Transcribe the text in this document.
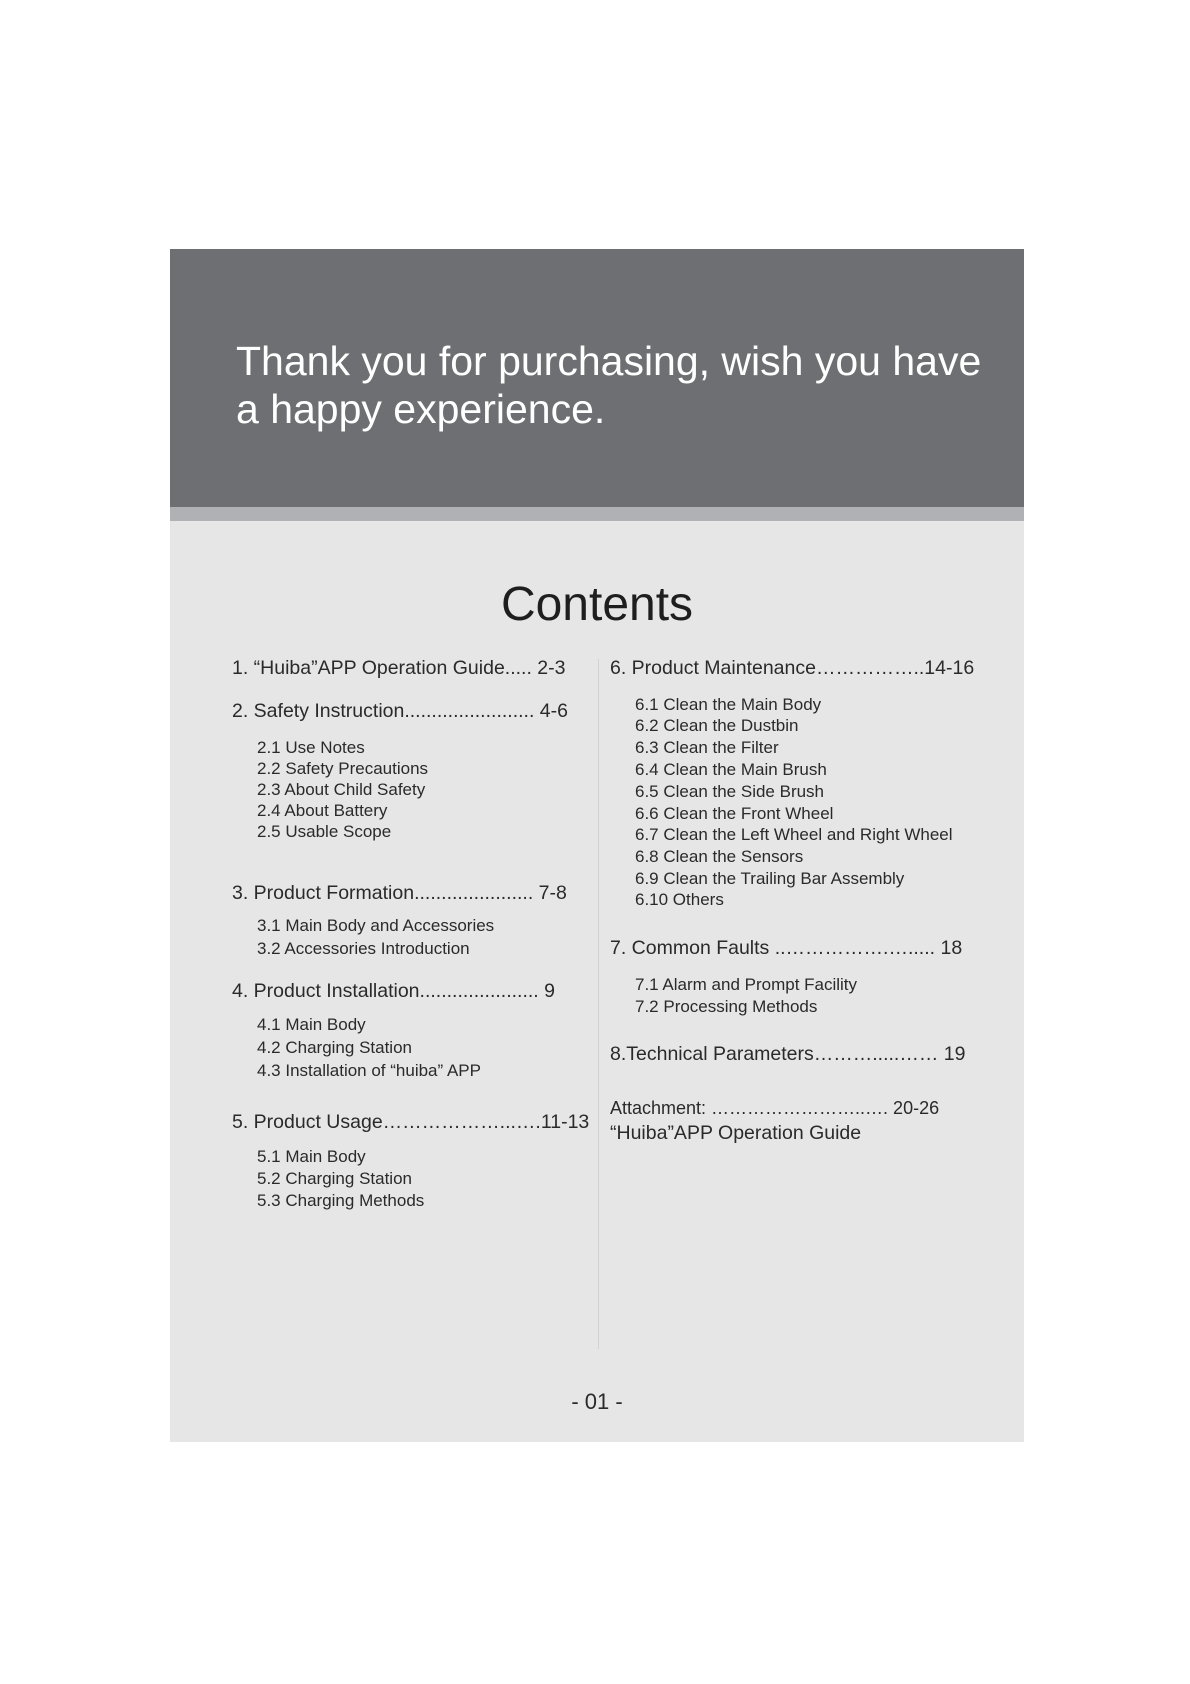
Thank you for purchasing, wish you have
a happy experience.
Contents
1. “Huiba”APP Operation Guide..... 2-3
2. Safety Instruction........................ 4-6
2.1 Use Notes
2.2 Safety Precautions
2.3 About Child Safety
2.4 About Battery
2.5 Usable Scope
3. Product Formation...................... 7-8
3.1 Main Body and Accessories
3.2 Accessories Introduction
4. Product Installation...................... 9
4.1 Main Body
4.2 Charging Station
4.3 Installation of “huiba” APP
5. Product Usage………………...….11-13
5.1 Main Body
5.2 Charging Station
5.3 Charging Methods
6. Product Maintenance……………..14-16
6.1 Clean the Main Body
6.2 Clean the Dustbin
6.3 Clean the Filter
6.4 Clean the Main Brush
6.5 Clean the Side Brush
6.6 Clean the Front Wheel
6.7 Clean the Left Wheel and Right Wheel
6.8 Clean the Sensors
6.9 Clean the Trailing Bar Assembly
6.10 Others
7. Common Faults ..…………….…..... 18
7.1 Alarm and Prompt Facility
7.2 Processing Methods
8.Technical Parameters……….....…… 19
Attachment: ……………………..…. 20-26
“Huiba”APP Operation Guide
- 01 -
